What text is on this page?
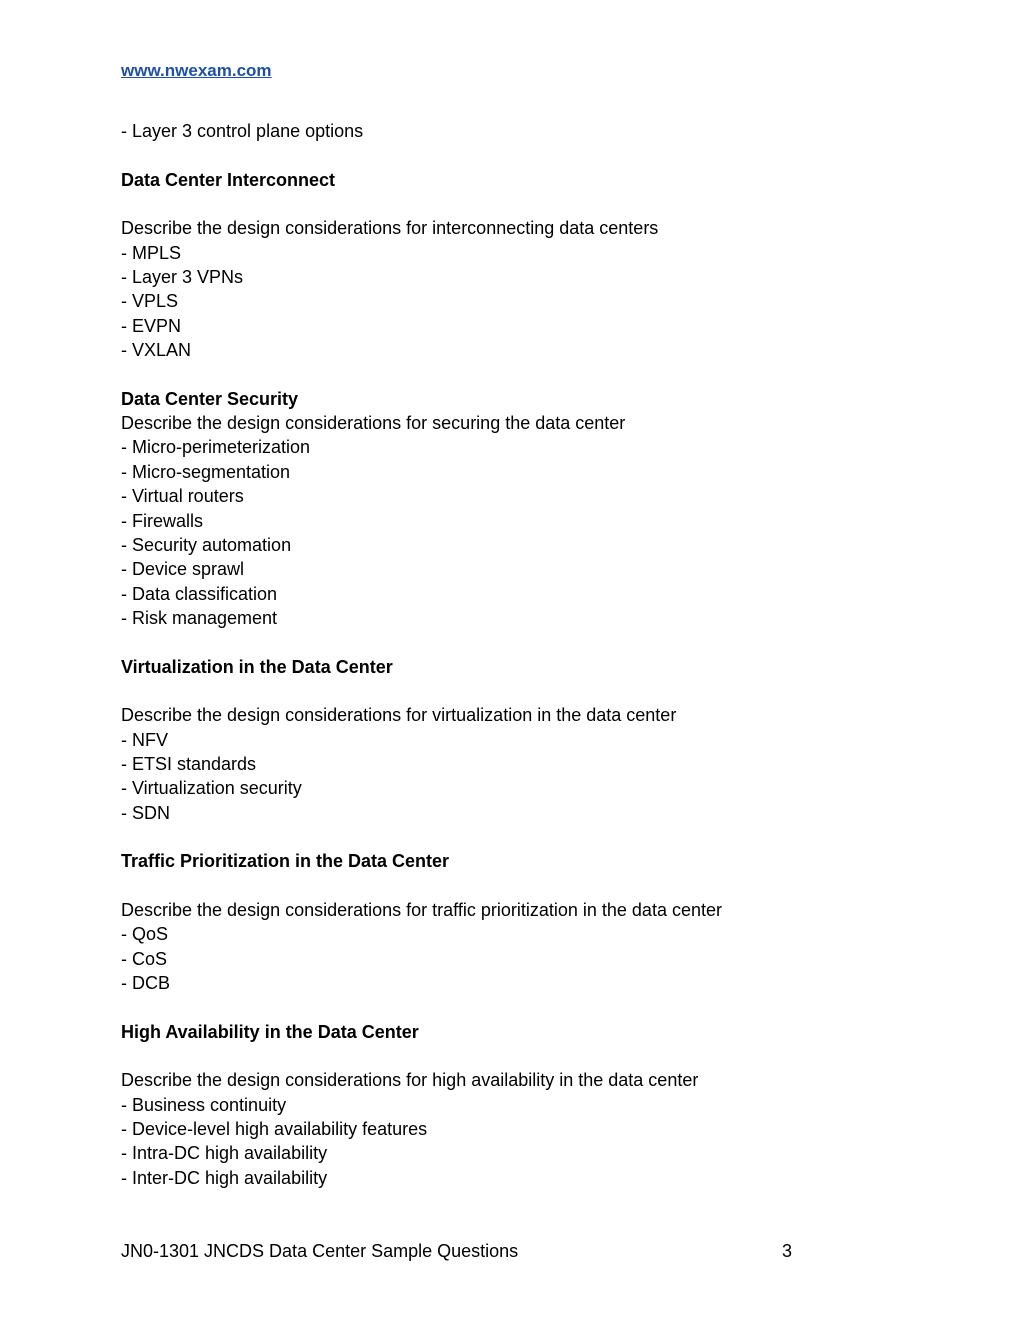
www.nwexam.com
- Layer 3 control plane options
Data Center Interconnect
Describe the design considerations for interconnecting data centers
- MPLS
- Layer 3 VPNs
- VPLS
- EVPN
- VXLAN
Data Center Security
Describe the design considerations for securing the data center
- Micro-perimeterization
- Micro-segmentation
- Virtual routers
- Firewalls
- Security automation
- Device sprawl
- Data classification
- Risk management
Virtualization in the Data Center
Describe the design considerations for virtualization in the data center
- NFV
- ETSI standards
- Virtualization security
- SDN
Traffic Prioritization in the Data Center
Describe the design considerations for traffic prioritization in the data center
- QoS
- CoS
- DCB
High Availability in the Data Center
Describe the design considerations for high availability in the data center
- Business continuity
- Device-level high availability features
- Intra-DC high availability
- Inter-DC high availability
JN0-1301 JNCDS Data Center Sample Questions	3
